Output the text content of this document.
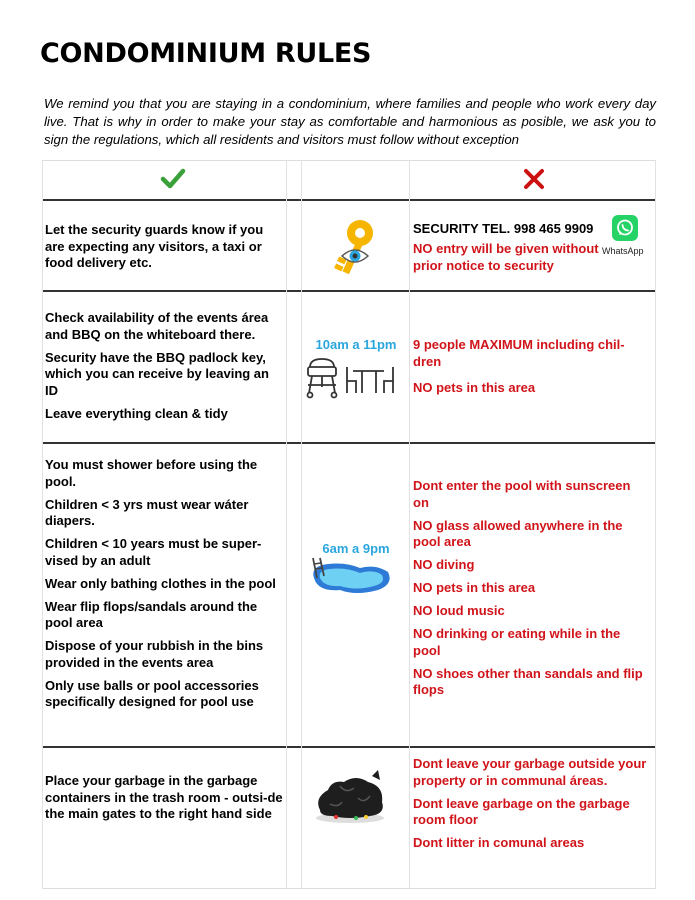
CONDOMINIUM RULES
We remind you that you are staying in a condominium, where families and people who work every day live. That is why in order to make your stay as comfortable and harmonious as posible, we ask you to sign the regulations, which all residents and visitors must follow without exception

Let the security guards know if you are expecting any visitors, a taxi or food delivery etc.

SECURITY TEL. 998 465 9909
WhatsApp

NO entry will be given without prior notice to security

Check availability of the events área and BBQ on the whiteboard there.

Security have the BBQ padlock key, which you can receive by leaving an ID

Leave everything clean & tidy

10am a 11pm	9 people MAXIMUM including chil-dren

NO pets in this area

You must shower before using the pool.

Children < 3 yrs must wear wáter diapers.

Children < 10 years must be super-vised by an adult

Wear only bathing clothes in the pool

Wear flip flops/sandals around the pool area

Dispose of your rubbish in the bins provided in the events area

Only use balls or pool accessories specifically designed for pool use

6am a 9pm

Dont enter the pool with sunscreen on

NO glass allowed anywhere in the pool area

NO diving

NO pets in this area

NO loud music

NO drinking or eating while in the pool

NO shoes other than sandals and flip flops

Place your garbage in the garbage containers in the trash room - outsi-de the main gates to the right hand side

Dont leave your garbage outside your property or in communal áreas.

Dont leave garbage on the garbage room floor

Dont litter in comunal areas
